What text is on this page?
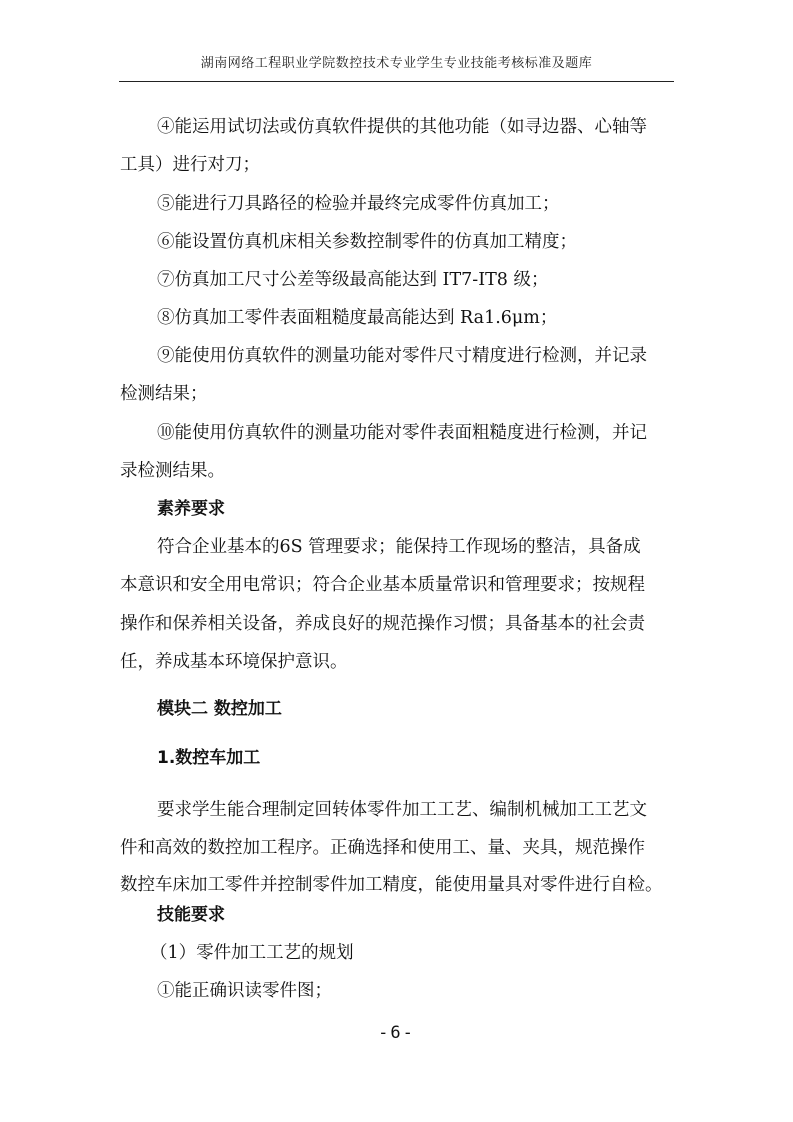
湖南网络工程职业学院数控技术专业学生专业技能考核标准及题库
④能运用试切法或仿真软件提供的其他功能（如寻边器、心轴等
工具）进行对刀；
⑤能进行刀具路径的检验并最终完成零件仿真加工；
⑥能设置仿真机床相关参数控制零件的仿真加工精度；
⑦仿真加工尺寸公差等级最高能达到 IT7-IT8 级；
⑧仿真加工零件表面粗糙度最高能达到 Ra1.6μm；
⑨能使用仿真软件的测量功能对零件尺寸精度进行检测，并记录
检测结果；
⑩能使用仿真软件的测量功能对零件表面粗糙度进行检测，并记
录检测结果。
素养要求
符合企业基本的6S 管理要求；能保持工作现场的整洁，具备成
本意识和安全用电常识；符合企业基本质量常识和管理要求；按规程
操作和保养相关设备，养成良好的规范操作习惯；具备基本的社会责
任，养成基本环境保护意识。
模块二 数控加工
1.数控车加工
要求学生能合理制定回转体零件加工工艺、编制机械加工工艺文
件和高效的数控加工程序。正确选择和使用工、量、夹具，规范操作
数控车床加工零件并控制零件加工精度，能使用量具对零件进行自检。
技能要求
（1）零件加工工艺的规划
①能正确识读零件图；
-6-
